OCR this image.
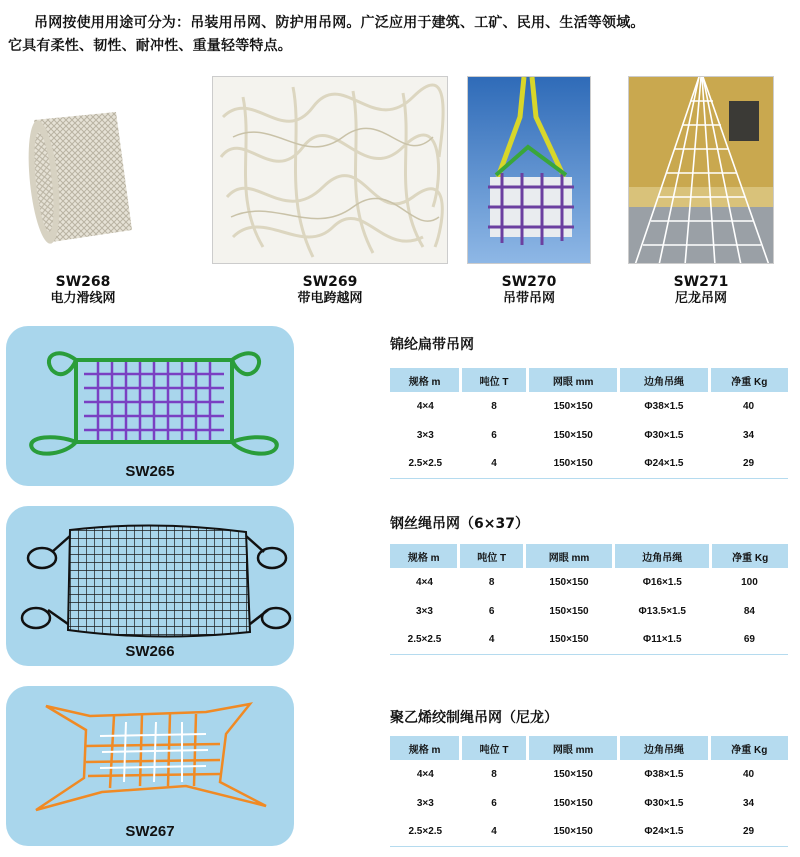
吊网按使用用途可分为：吊装用吊网、防护用吊网。广泛应用于建筑、工矿、民用、生活等领域。
它具有柔性、韧性、耐冲性、重量轻等特点。
SW268
电力滑线网
SW269
带电跨越网
SW270
吊带吊网
SW271
尼龙吊网
SW265
SW266
SW267
锦纶扁带吊网
规格 m	吨位 T	网眼 mm	边角吊绳	净重 Kg
4×4	8	150×150	Φ38×1.5	40
3×3	6	150×150	Φ30×1.5	34
2.5×2.5	4	150×150	Φ24×1.5	29
钢丝绳吊网（6×37）
规格 m	吨位 T	网眼 mm	边角吊绳	净重 Kg
4×4	8	150×150	Φ16×1.5	100
3×3	6	150×150	Φ13.5×1.5	84
2.5×2.5	4	150×150	Φ11×1.5	69
聚乙烯绞制绳吊网（尼龙）
规格 m	吨位 T	网眼 mm	边角吊绳	净重 Kg
4×4	8	150×150	Φ38×1.5	40
3×3	6	150×150	Φ30×1.5	34
2.5×2.5	4	150×150	Φ24×1.5	29
